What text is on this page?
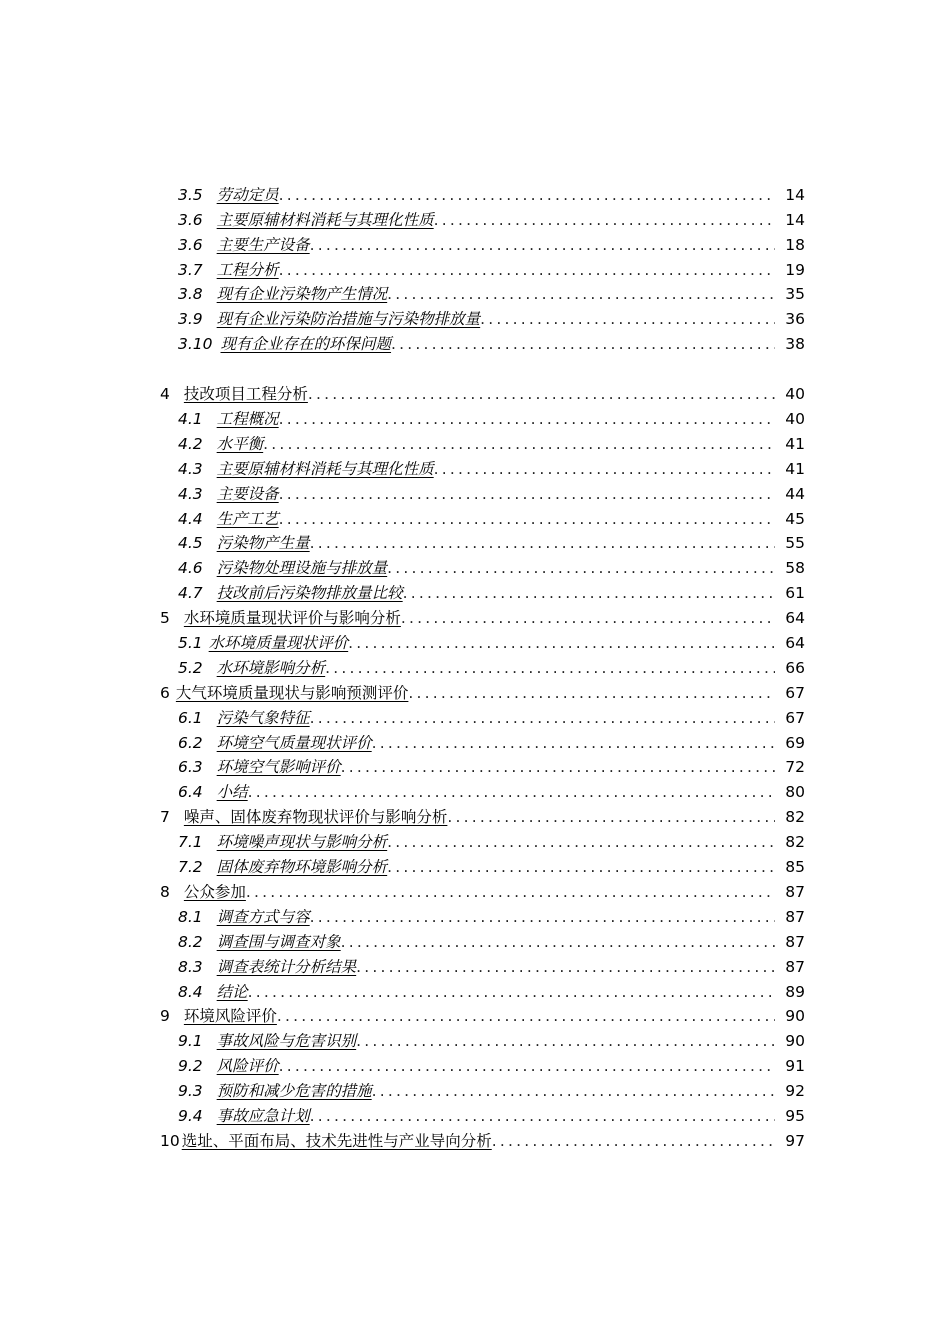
3.5 劳动定员 .....	14
3.6 主要原辅材料消耗与其理化性质 .....	14
3.6 主要生产设备 .....	18
3.7 工程分析 .....	19
3.8 现有企业污染物产生情况 .....	35
3.9 现有企业污染防治措施与污染物排放量 .....	36
3.10 现有企业存在的环保问题 .....	38
4 技改项目工程分析 .....	40
4.1 工程概况 .....	40
4.2 水平衡 .....	41
4.3 主要原辅材料消耗与其理化性质 .....	41
4.3 主要设备 .....	44
4.4 生产工艺 .....	45
4.5 污染物产生量 .....	55
4.6 污染物处理设施与排放量 .....	58
4.7 技改前后污染物排放量比较 .....	61
5 水环境质量现状评价与影响分析 .....	64
5.1 水环境质量现状评价 .....	64
5.2 水环境影响分析 .....	66
6 大气环境质量现状与影响预测评价 .....	67
6.1 污染气象特征 .....	67
6.2 环境空气质量现状评价 .....	69
6.3 环境空气影响评价 .....	72
6.4 小结 .....	80
7 噪声、固体废弃物现状评价与影响分析 .....	82
7.1 环境噪声现状与影响分析 .....	82
7.2 固体废弃物环境影响分析 .....	85
8 公众参加 .....	87
8.1 调查方式与容 .....	87
8.2 调查围与调查对象 .....	87
8.3 调查表统计分析结果 .....	87
8.4 结论 .....	89
9 环境风险评价 .....	90
9.1 事故风险与危害识别 .....	90
9.2 风险评价 .....	91
9.3 预防和减少危害的措施 .....	92
9.4 事故应急计划 .....	95
10 选址、平面布局、技术先进性与产业导向分析 .....	97
